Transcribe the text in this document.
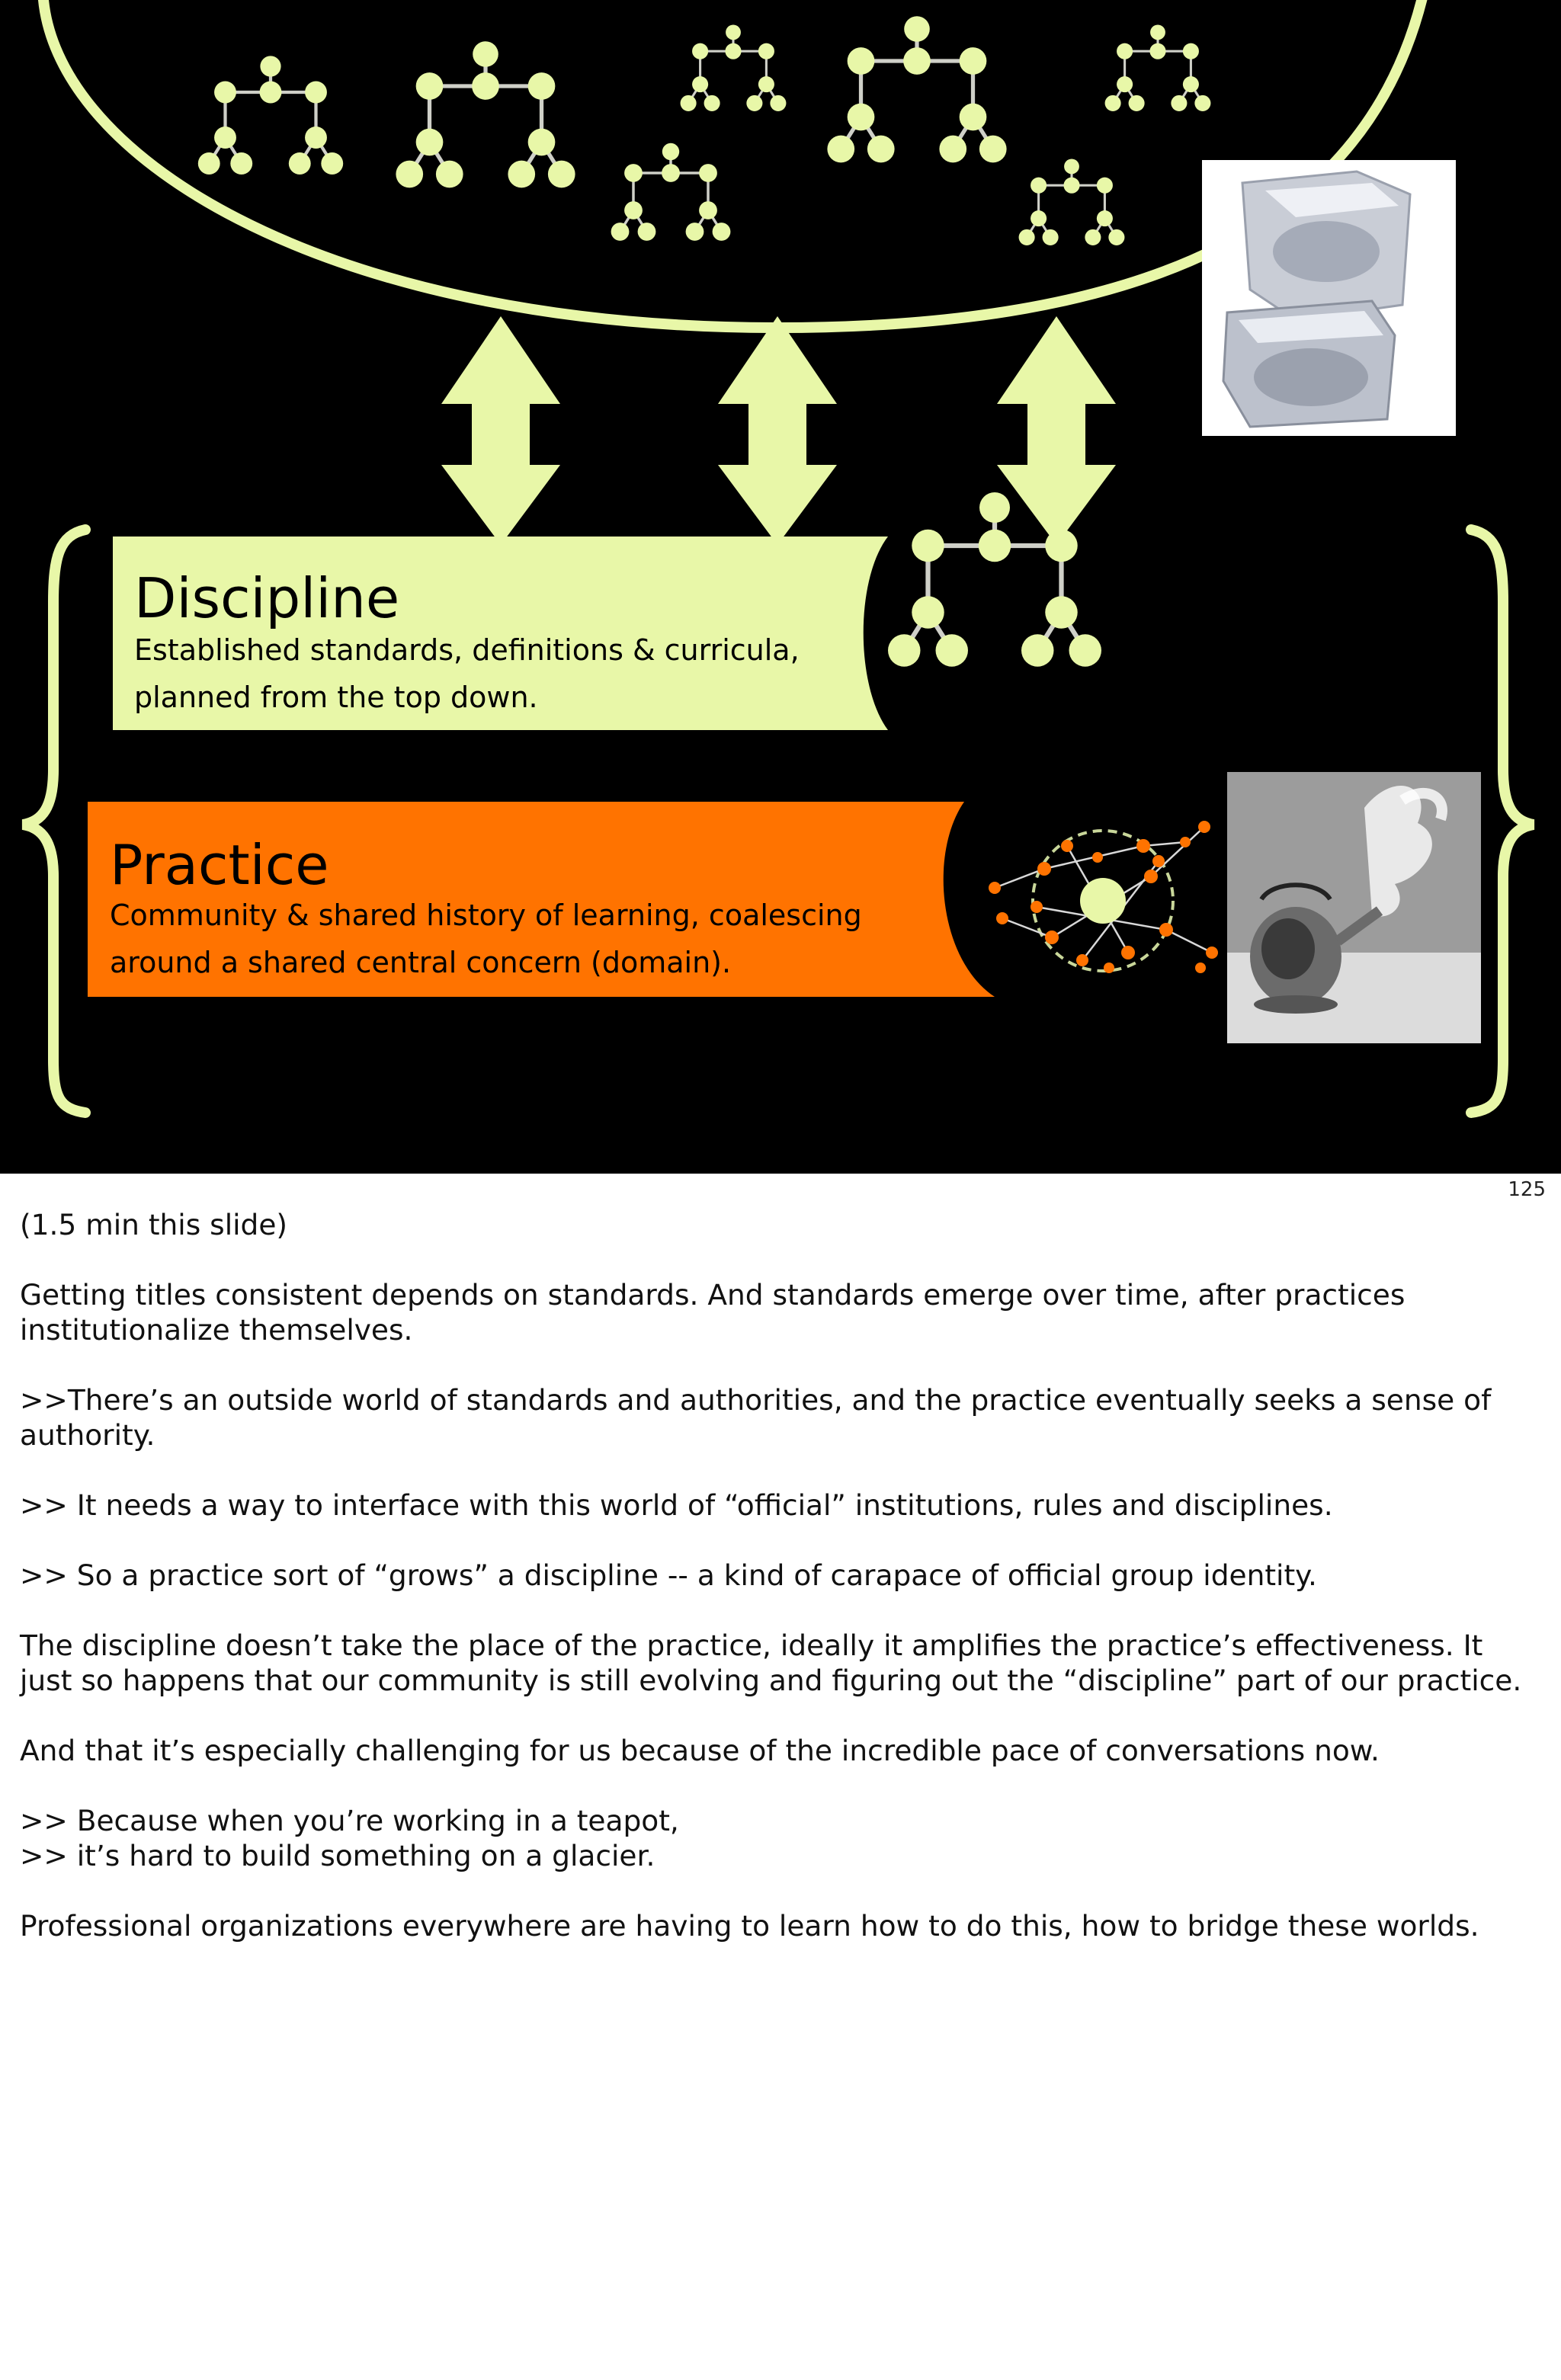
Discipline
Established standards, definitions & curricula,
planned from the top down.
Practice
Community & shared history of learning, coalescing
around a shared central concern (domain).
125

(1.5 min this slide)

Getting titles consistent depends on standards. And standards emerge over time, after practices institutionalize themselves.

>>There’s an outside world of standards and authorities, and the practice eventually seeks a sense of authority.

>> It needs a way to interface with this world of “official” institutions, rules and disciplines.

>> So a practice sort of “grows” a discipline -- a kind of carapace of official group identity.

The discipline doesn’t take the place of the practice, ideally it amplifies the practice’s effectiveness. It just so happens that our community is still evolving and figuring out the “discipline” part of our practice.

And that it’s especially challenging for us because of the incredible pace of conversations now.

>> Because when you’re working in a teapot,
>> it’s hard to build something on a glacier.

Professional organizations everywhere are having to learn how to do this, how to bridge these worlds.
